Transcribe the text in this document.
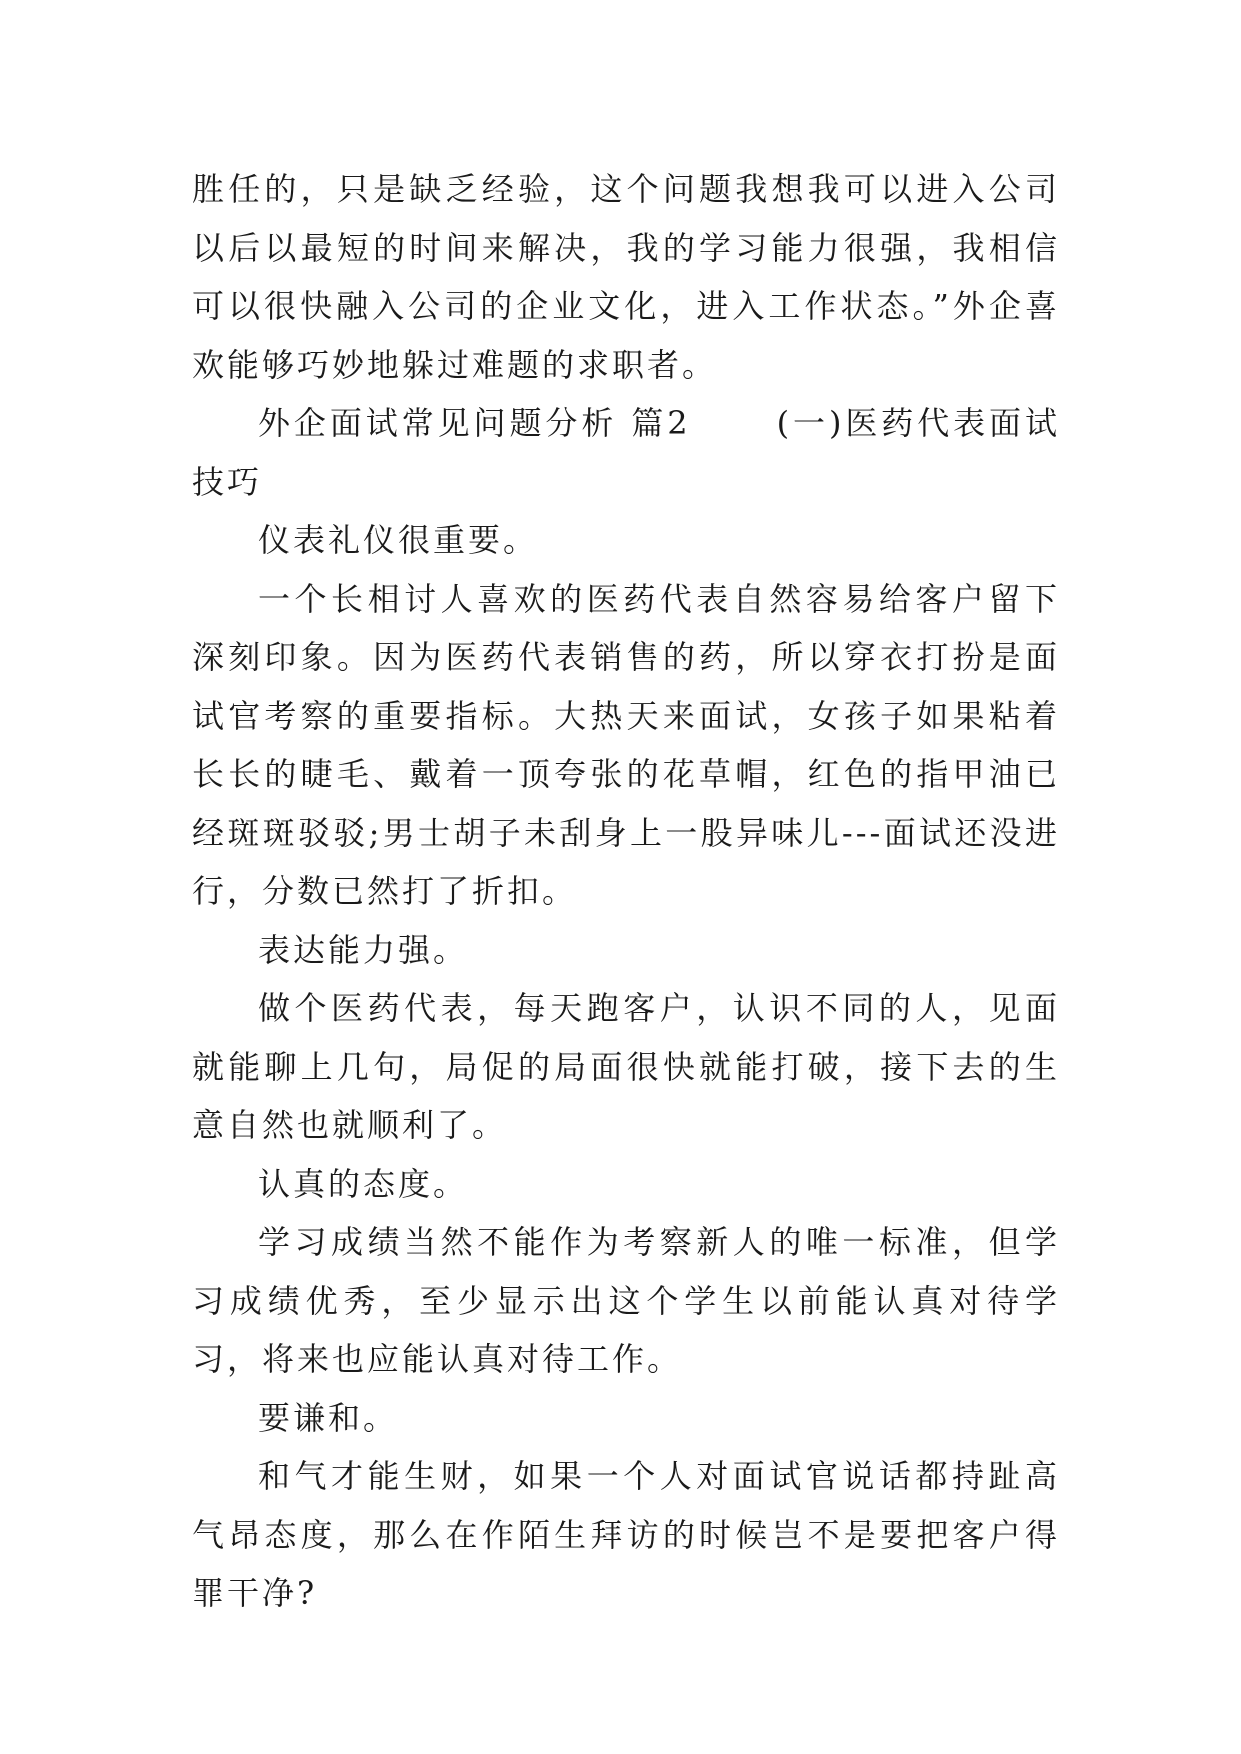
胜任的，只是缺乏经验，这个问题我想我可以进入公司以后以最短的时间来解决，我的学习能力很强，我相信可以很快融入公司的企业文化，进入工作状态。”外企喜欢能够巧妙地躲过难题的求职者。

外企面试常见问题分析 篇2 　　(一)医药代表面试技巧

仪表礼仪很重要。

一个长相讨人喜欢的医药代表自然容易给客户留下深刻印象。因为医药代表销售的药，所以穿衣打扮是面试官考察的重要指标。大热天来面试，女孩子如果粘着长长的睫毛、戴着一顶夸张的花草帽，红色的指甲油已经斑斑驳驳;男士胡子未刮身上一股异味儿---面试还没进行，分数已然打了折扣。

表达能力强。

做个医药代表，每天跑客户，认识不同的人，见面就能聊上几句，局促的局面很快就能打破，接下去的生意自然也就顺利了。

认真的态度。

学习成绩当然不能作为考察新人的唯一标准，但学习成绩优秀，至少显示出这个学生以前能认真对待学习，将来也应能认真对待工作。

要谦和。

和气才能生财，如果一个人对面试官说话都持趾高气昂态度，那么在作陌生拜访的时候岂不是要把客户得罪干净?
